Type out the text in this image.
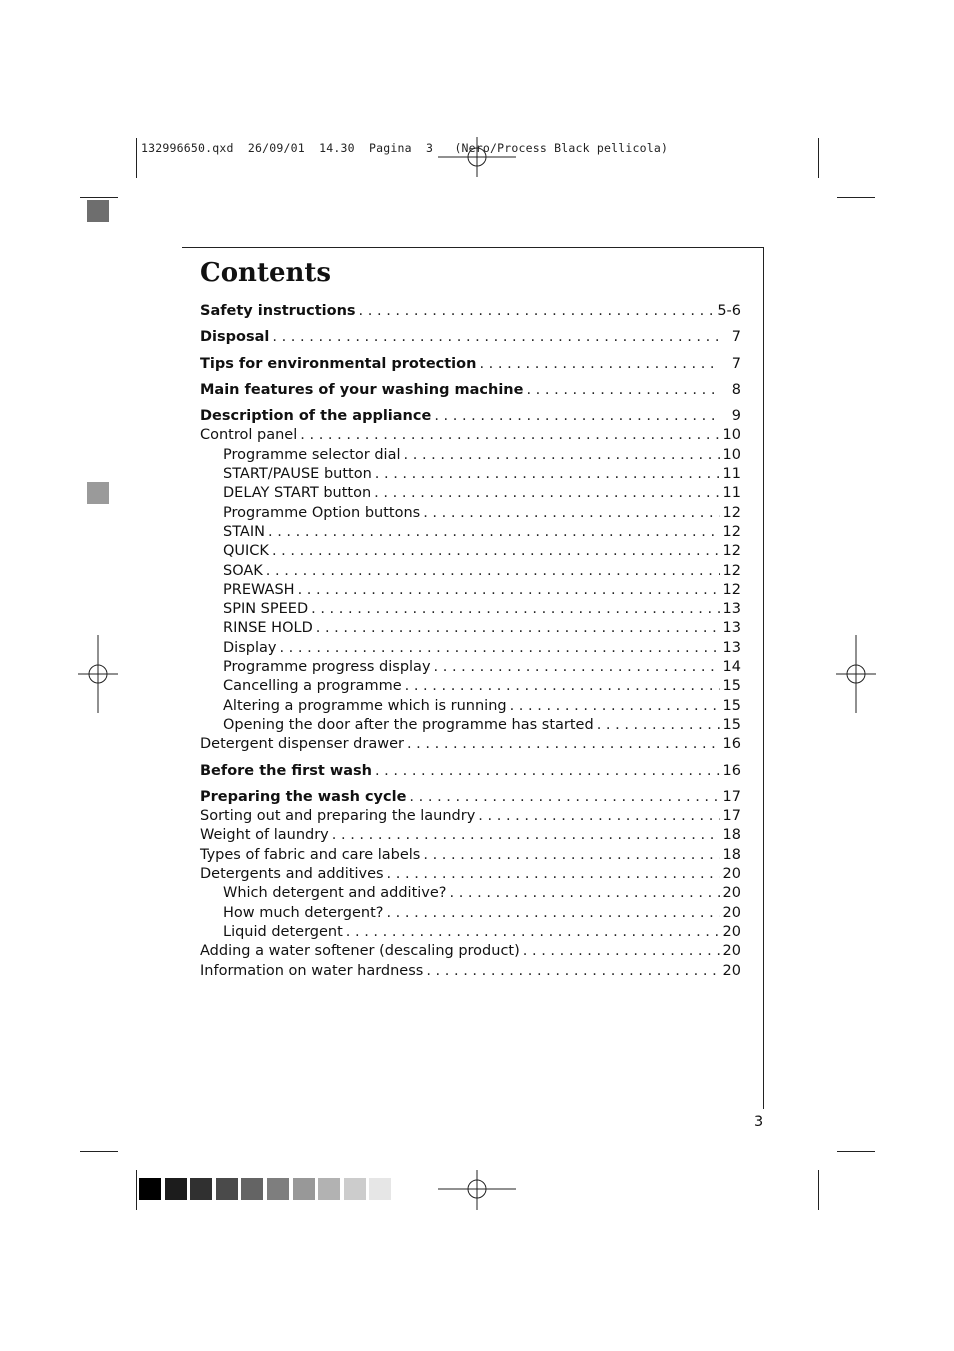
132996650.qxd  26/09/01  14.30  Pagina  3   (Nero/Process Black pellicola)
Contents
Safety instructions . . .	5-6
Disposal . . .	7
Tips for environmental protection . . .	7
Main features of your washing machine . . .	8
Description of the appliance . . .	9
Control panel . . .	10
Programme selector dial . . .	10
START/PAUSE button . . .	11
DELAY START button . . .	11
Programme Option buttons . . .	12
STAIN . . .	12
QUICK . . .	12
SOAK . . .	12
PREWASH . . .	12
SPIN SPEED . . .	13
RINSE HOLD . . .	13
Display . . .	13
Programme progress display . . .	14
Cancelling a programme . . .	15
Altering a programme which is running . . .	15
Opening the door after the programme has started . . .	15
Detergent dispenser drawer . . .	16
Before the first wash . . .	16
Preparing the wash cycle . . .	17
Sorting out and preparing the laundry . . .	17
Weight of laundry . . .	18
Types of fabric and care labels . . .	18
Detergents and additives . . .	20
Which detergent and additive? . . .	20
How much detergent? . . .	20
Liquid detergent . . .	20
Adding a water softener (descaling product) . . .	20
Information on water hardness . . .	20
3
